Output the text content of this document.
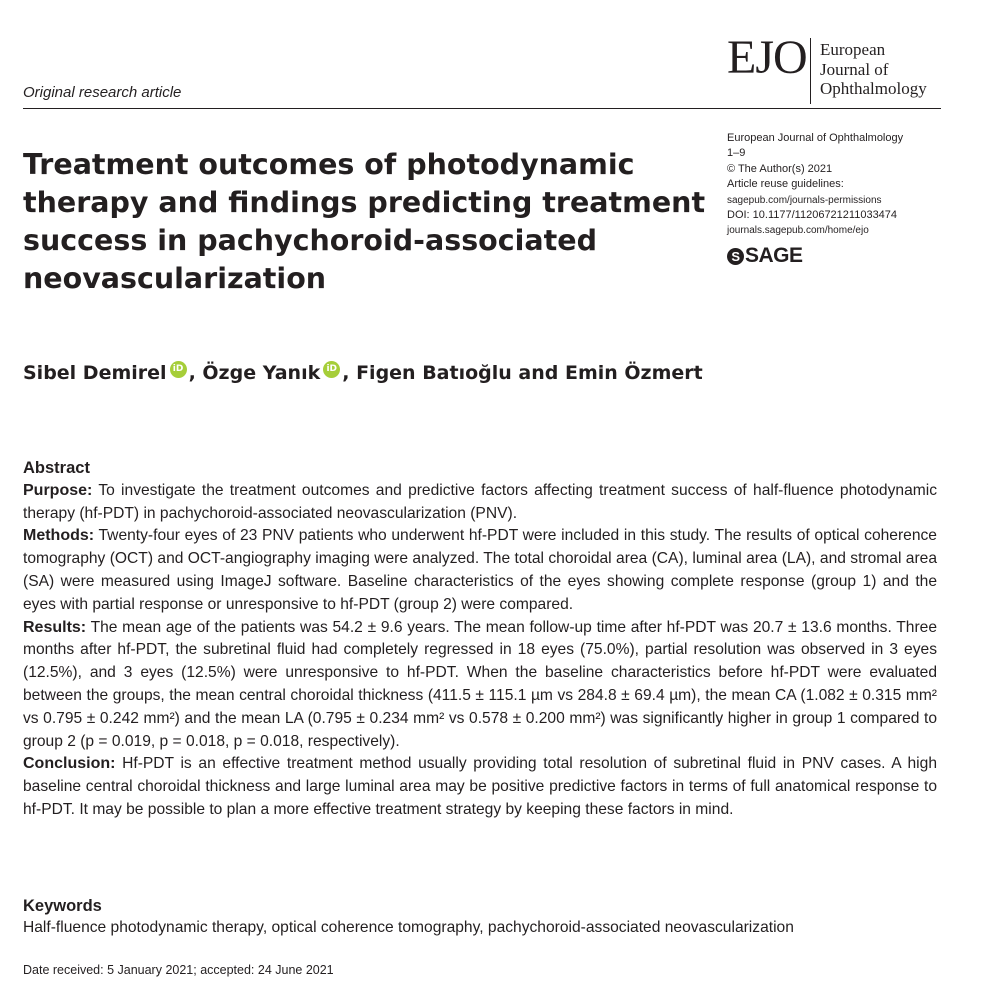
Original research article
EJO European
Journal of
Ophthalmology
European Journal of Ophthalmology
1–9
© The Author(s) 2021
Article reuse guidelines:
sagepub.com/journals-permissions
DOI: 10.1177/11206721211033474
journals.sagepub.com/home/ejo
S SAGE
Treatment outcomes of photodynamic therapy and findings predicting treatment success in pachychoroid-associated neovascularization
Sibel Demirel iD , Özge Yanık iD , Figen Batıoğlu and Emin Özmert
Abstract

Purpose: To investigate the treatment outcomes and predictive factors affecting treatment success of half-fluence photodynamic therapy (hf-PDT) in pachychoroid-associated neovascularization (PNV).

Methods: Twenty-four eyes of 23 PNV patients who underwent hf-PDT were included in this study. The results of optical coherence tomography (OCT) and OCT-angiography imaging were analyzed. The total choroidal area (CA), luminal area (LA), and stromal area (SA) were measured using ImageJ software. Baseline characteristics of the eyes showing complete response (group 1) and the eyes with partial response or unresponsive to hf-PDT (group 2) were compared.

Results: The mean age of the patients was 54.2 ± 9.6 years. The mean follow-up time after hf-PDT was 20.7 ± 13.6 months. Three months after hf-PDT, the subretinal fluid had completely regressed in 18 eyes (75.0%), partial resolution was observed in 3 eyes (12.5%), and 3 eyes (12.5%) were unresponsive to hf-PDT. When the baseline characteristics before hf-PDT were evaluated between the groups, the mean central choroidal thickness (411.5 ± 115.1 µm vs 284.8 ± 69.4 µm), the mean CA (1.082 ± 0.315 mm² vs 0.795 ± 0.242 mm²) and the mean LA (0.795 ± 0.234 mm² vs 0.578 ± 0.200 mm²) was significantly higher in group 1 compared to group 2 (p = 0.019, p = 0.018, p = 0.018, respectively).

Conclusion: Hf-PDT is an effective treatment method usually providing total resolution of subretinal fluid in PNV cases. A high baseline central choroidal thickness and large luminal area may be positive predictive factors in terms of full anatomical response to hf-PDT. It may be possible to plan a more effective treatment strategy by keeping these factors in mind.

Keywords
Half-fluence photodynamic therapy, optical coherence tomography, pachychoroid-associated neovascularization
Date received: 5 January 2021; accepted: 24 June 2021
